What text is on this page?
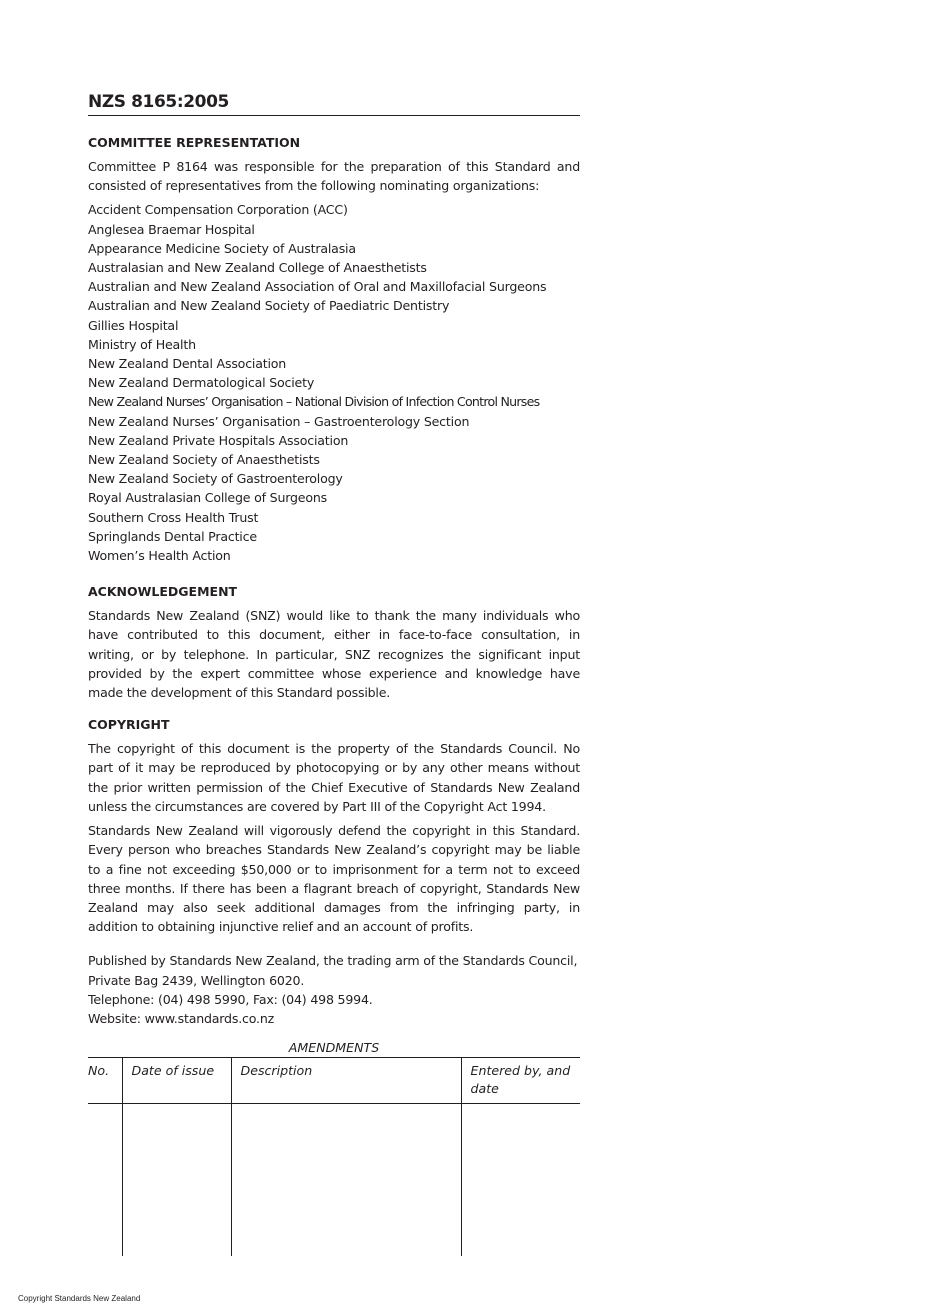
NZS 8165:2005
COMMITTEE REPRESENTATION

Committee P 8164 was responsible for the preparation of this Standard and consisted of representatives from the following nominating organizations:

Accident Compensation Corporation (ACC)
Anglesea Braemar Hospital
Appearance Medicine Society of Australasia
Australasian and New Zealand College of Anaesthetists
Australian and New Zealand Association of Oral and Maxillofacial Surgeons
Australian and New Zealand Society of Paediatric Dentistry
Gillies Hospital
Ministry of Health
New Zealand Dental Association
New Zealand Dermatological Society
New Zealand Nurses’ Organisation – National Division of Infection Control Nurses
New Zealand Nurses’ Organisation – Gastroenterology Section
New Zealand Private Hospitals Association
New Zealand Society of Anaesthetists
New Zealand Society of Gastroenterology
Royal Australasian College of Surgeons
Southern Cross Health Trust
Springlands Dental Practice
Women’s Health Action
ACKNOWLEDGEMENT

Standards New Zealand (SNZ) would like to thank the many individuals who have contributed to this document, either in face-to-face consultation, in writing, or by telephone. In particular, SNZ recognizes the significant input provided by the expert committee whose experience and knowledge have made the development of this Standard possible.

COPYRIGHT

The copyright of this document is the property of the Standards Council. No part of it may be reproduced by photocopying or by any other means without the prior written permission of the Chief Executive of Standards New Zealand unless the circumstances are covered by Part III of the Copyright Act 1994.

Standards New Zealand will vigorously defend the copyright in this Standard. Every person who breaches Standards New Zealand’s copyright may be liable to a fine not exceeding $50,000 or to imprisonment for a term not to exceed three months. If there has been a flagrant breach of copyright, Standards New Zealand may also seek additional damages from the infringing party, in addition to obtaining injunctive relief and an account of profits.

Published by Standards New Zealand, the trading arm of the Standards Council,
Private Bag 2439, Wellington 6020.
Telephone: (04) 498 5990, Fax: (04) 498 5994.
Website: www.standards.co.nz
AMENDMENTS
No.	Date of issue	Description	Entered by, and date

Copyright Standards New Zealand
